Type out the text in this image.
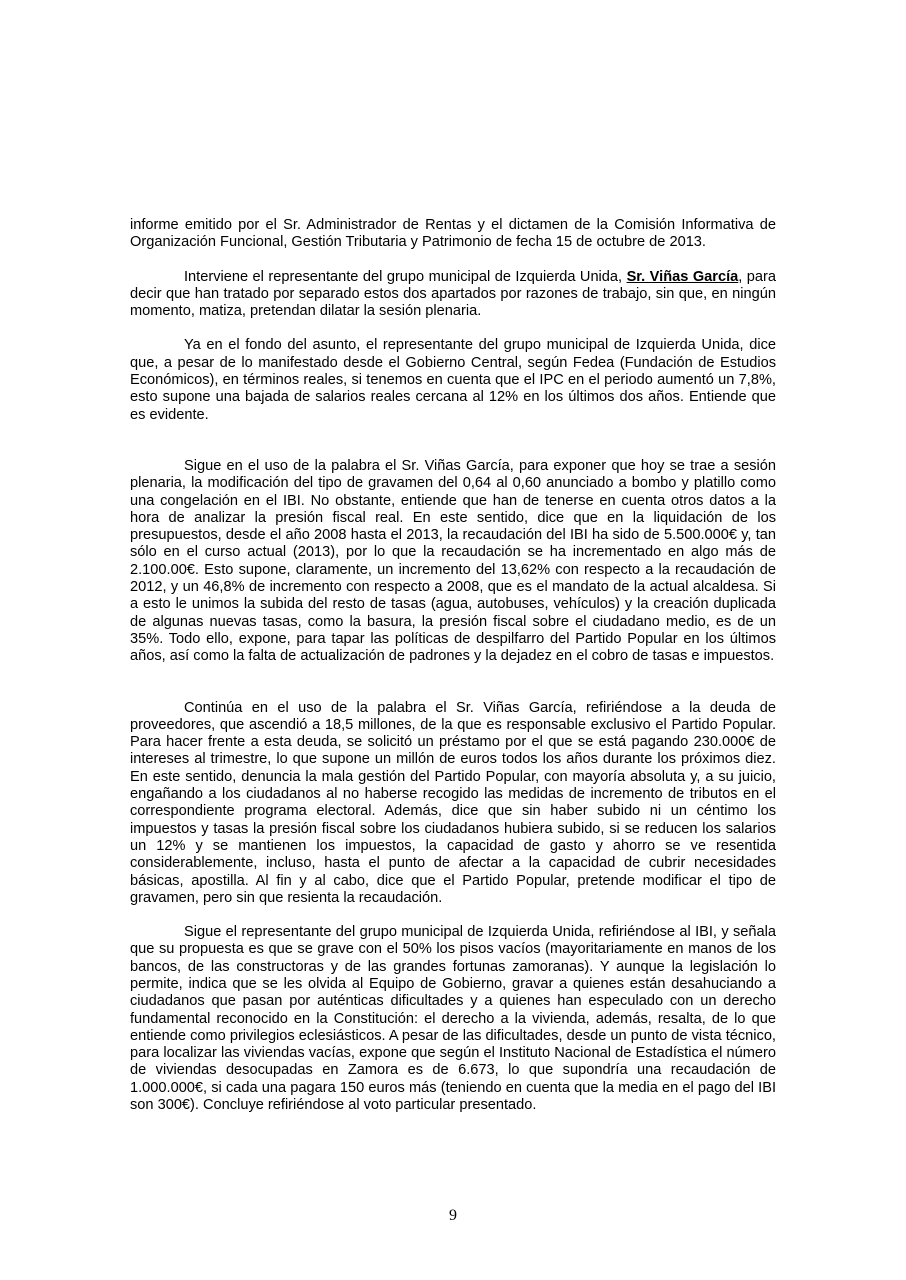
informe emitido por el Sr. Administrador de Rentas y el dictamen de la Comisión Informativa de Organización Funcional, Gestión Tributaria y Patrimonio de fecha 15 de octubre de 2013.

Interviene el representante del grupo municipal de Izquierda Unida, Sr. Viñas García, para decir que han tratado por separado estos dos apartados por razones de trabajo, sin que, en ningún momento, matiza, pretendan dilatar la sesión plenaria.

Ya en el fondo del asunto, el representante del grupo municipal de Izquierda Unida, dice que, a pesar de lo manifestado desde el Gobierno Central, según Fedea (Fundación de Estudios Económicos), en términos reales, si tenemos en cuenta que el IPC en el periodo aumentó un 7,8%, esto supone una bajada de salarios reales cercana al 12% en los últimos dos años. Entiende que es evidente.

Sigue en el uso de la palabra el Sr. Viñas García, para exponer que hoy se trae a sesión plenaria, la modificación del tipo de gravamen del 0,64 al 0,60 anunciado a bombo y platillo como una congelación en el IBI. No obstante, entiende que han de tenerse en cuenta otros datos a la hora de analizar la presión fiscal real. En este sentido, dice que en la liquidación de los presupuestos, desde el año 2008 hasta el 2013, la recaudación del IBI ha sido de 5.500.000€ y, tan sólo en el curso actual (2013), por lo que la recaudación se ha incrementado en algo más de 2.100.00€. Esto supone, claramente, un incremento del 13,62% con respecto a la recaudación de 2012, y un 46,8% de incremento con respecto a 2008, que es el mandato de la actual alcaldesa. Si a esto le unimos la subida del resto de tasas (agua, autobuses, vehículos) y la creación duplicada de algunas nuevas tasas, como la basura, la presión fiscal sobre el ciudadano medio, es de un 35%. Todo ello, expone, para tapar las políticas de despilfarro del Partido Popular en los últimos años, así como la falta de actualización de padrones y la dejadez en el cobro de tasas e impuestos.

Continúa en el uso de la palabra el Sr. Viñas García, refiriéndose a la deuda de proveedores, que ascendió a 18,5 millones, de la que es responsable exclusivo el Partido Popular. Para hacer frente a esta deuda, se solicitó un préstamo por el que se está pagando 230.000€ de intereses al trimestre, lo que supone un millón de euros todos los años durante los próximos diez. En este sentido, denuncia la mala gestión del Partido Popular, con mayoría absoluta y, a su juicio, engañando a los ciudadanos al no haberse recogido las medidas de incremento de tributos en el correspondiente programa electoral. Además, dice que sin haber subido ni un céntimo los impuestos y tasas la presión fiscal sobre los ciudadanos hubiera subido, si se reducen los salarios un 12% y se mantienen los impuestos, la capacidad de gasto y ahorro se ve resentida considerablemente, incluso, hasta el punto de afectar a la capacidad de cubrir necesidades básicas, apostilla. Al fin y al cabo, dice que el Partido Popular, pretende modificar el tipo de gravamen, pero sin que resienta la recaudación.

Sigue el representante del grupo municipal de Izquierda Unida, refiriéndose al IBI, y señala que su propuesta es que se grave con el 50% los pisos vacíos (mayoritariamente en manos de los bancos, de las constructoras y de las grandes fortunas zamoranas). Y aunque la legislación lo permite, indica que se les olvida al Equipo de Gobierno, gravar a quienes están desahuciando a ciudadanos que pasan por auténticas dificultades y a quienes han especulado con un derecho fundamental reconocido en la Constitución: el derecho a la vivienda, además, resalta, de lo que entiende como privilegios eclesiásticos. A pesar de las dificultades, desde un punto de vista técnico, para localizar las viviendas vacías, expone que según el Instituto Nacional de Estadística el número de viviendas desocupadas en Zamora es de 6.673, lo que supondría una recaudación de 1.000.000€, si cada una pagara 150 euros más (teniendo en cuenta que la media en el pago del IBI son 300€). Concluye refiriéndose al voto particular presentado.

9
